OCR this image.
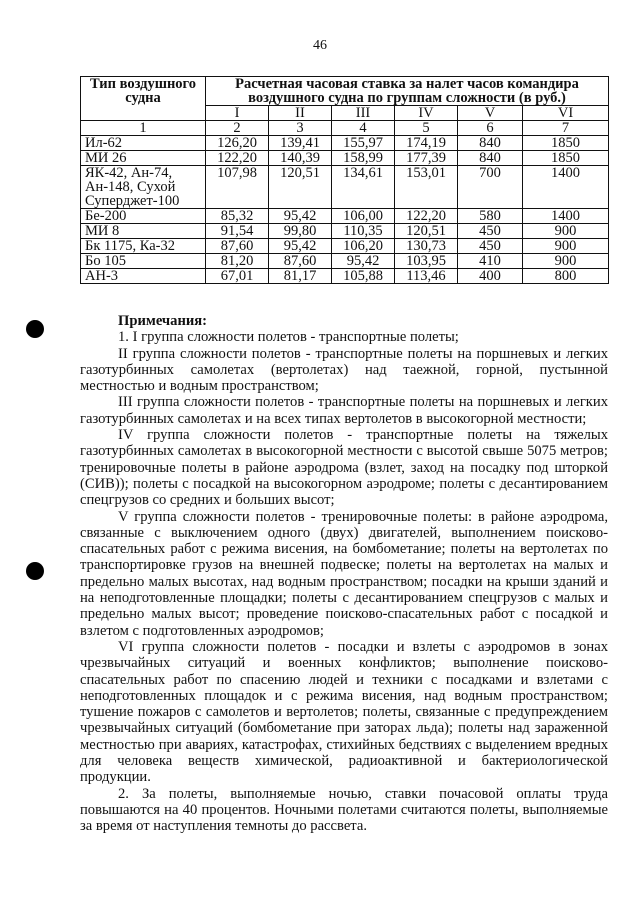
46
Тип воздушного судна	Расчетная часовая ставка за налет часов командира воздушного судна по группам сложности (в руб.)					
	I	II	III	IV	V	VI
1	2	3	4	5	6	7
Ил-62	126,20	139,41	155,97	174,19	840	1850
МИ 26	122,20	140,39	158,99	177,39	840	1850
ЯК-42, Ан-74, Ан-148, Сухой Суперджет-100	107,98	120,51	134,61	153,01	700	1400
Бе-200	85,32	95,42	106,00	122,20	580	1400
МИ 8	91,54	99,80	110,35	120,51	450	900
Бк 1175, Ка-32	87,60	95,42	106,20	130,73	450	900
Бо 105	81,20	87,60	95,42	103,95	410	900
АН-3	67,01	81,17	105,88	113,46	400	800

Примечания:

1. I группа сложности полетов - транспортные полеты;

II группа сложности полетов - транспортные полеты на поршневых и легких газотурбинных самолетах (вертолетах) над таежной, горной, пустынной местностью и водным пространством;

III группа сложности полетов - транспортные полеты на поршневых и легких газотурбинных самолетах и на всех типах вертолетов в высокогорной местности;

IV группа сложности полетов - транспортные полеты на тяжелых газотурбинных самолетах в высокогорной местности с высотой свыше 5075 метров; тренировочные полеты в районе аэродрома (взлет, заход на посадку под шторкой (СИВ)); полеты с посадкой на высокогорном аэродроме; полеты с десантированием спецгрузов со средних и больших высот;

V группа сложности полетов - тренировочные полеты: в районе аэродрома, связанные с выключением одного (двух) двигателей, выполнением поисково-спасательных работ с режима висения, на бомбометание; полеты на вертолетах по транспортировке грузов на внешней подвеске; полеты на вертолетах на малых и предельно малых высотах, над водным пространством; посадки на крыши зданий и на неподготовленные площадки; полеты с десантированием спецгрузов с малых и предельно малых высот; проведение поисково-спасательных работ с посадкой и взлетом с подготовленных аэродромов;

VI группа сложности полетов - посадки и взлеты с аэродромов в зонах чрезвычайных ситуаций и военных конфликтов; выполнение поисково-спасательных работ по спасению людей и техники с посадками и взлетами с неподготовленных площадок и с режима висения, над водным пространством; тушение пожаров с самолетов и вертолетов; полеты, связанные с предупреждением чрезвычайных ситуаций (бомбометание при заторах льда); полеты над зараженной местностью при авариях, катастрофах, стихийных бедствиях с выделением вредных для человека веществ химической, радиоактивной и бактериологической продукции.

2. За полеты, выполняемые ночью, ставки почасовой оплаты труда повышаются на 40 процентов. Ночными полетами считаются полеты, выполняемые за время от наступления темноты до рассвета.
